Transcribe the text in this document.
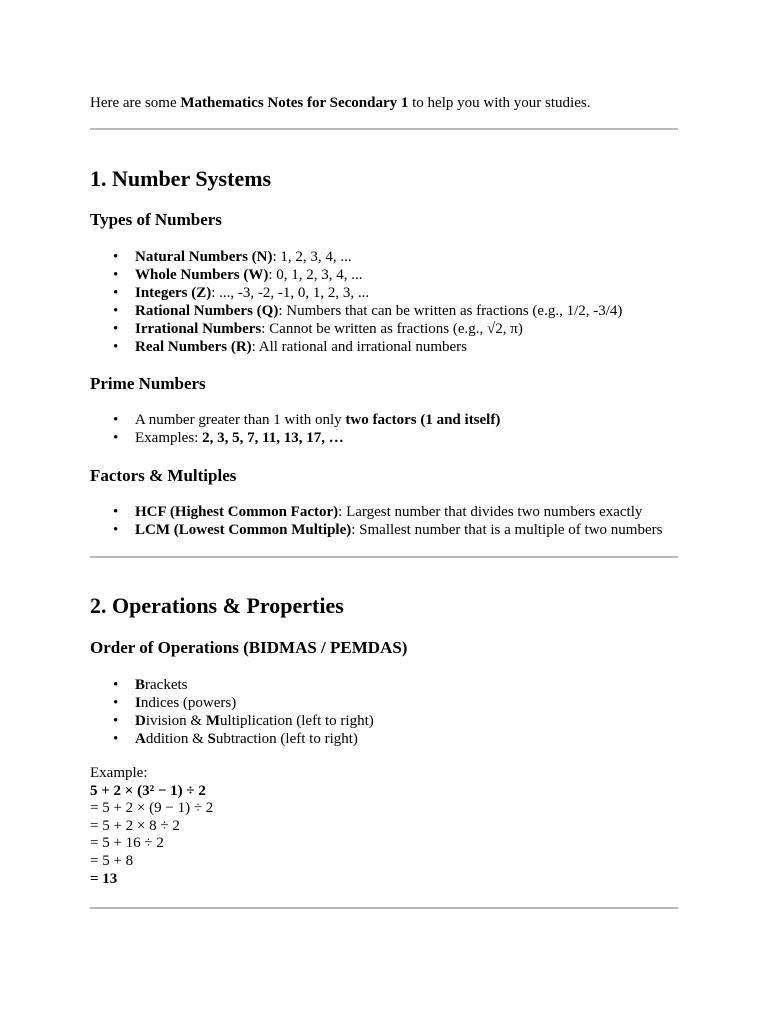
Here are some Mathematics Notes for Secondary 1 to help you with your studies.
1. Number Systems
Types of Numbers
• Natural Numbers (N): 1, 2, 3, 4, ...
• Whole Numbers (W): 0, 1, 2, 3, 4, ...
• Integers (Z): ..., -3, -2, -1, 0, 1, 2, 3, ...
• Rational Numbers (Q): Numbers that can be written as fractions (e.g., 1/2, -3/4)
• Irrational Numbers: Cannot be written as fractions (e.g., √2, π)
• Real Numbers (R): All rational and irrational numbers
Prime Numbers
• A number greater than 1 with only two factors (1 and itself)
• Examples: 2, 3, 5, 7, 11, 13, 17, …
Factors & Multiples
• HCF (Highest Common Factor): Largest number that divides two numbers exactly
• LCM (Lowest Common Multiple): Smallest number that is a multiple of two numbers
2. Operations & Properties
Order of Operations (BIDMAS / PEMDAS)
• Brackets
• Indices (powers)
• Division & Multiplication (left to right)
• Addition & Subtraction (left to right)
Example:
5 + 2 × (3² − 1) ÷ 2
= 5 + 2 × (9 − 1) ÷ 2
= 5 + 2 × 8 ÷ 2
= 5 + 16 ÷ 2
= 5 + 8
= 13
